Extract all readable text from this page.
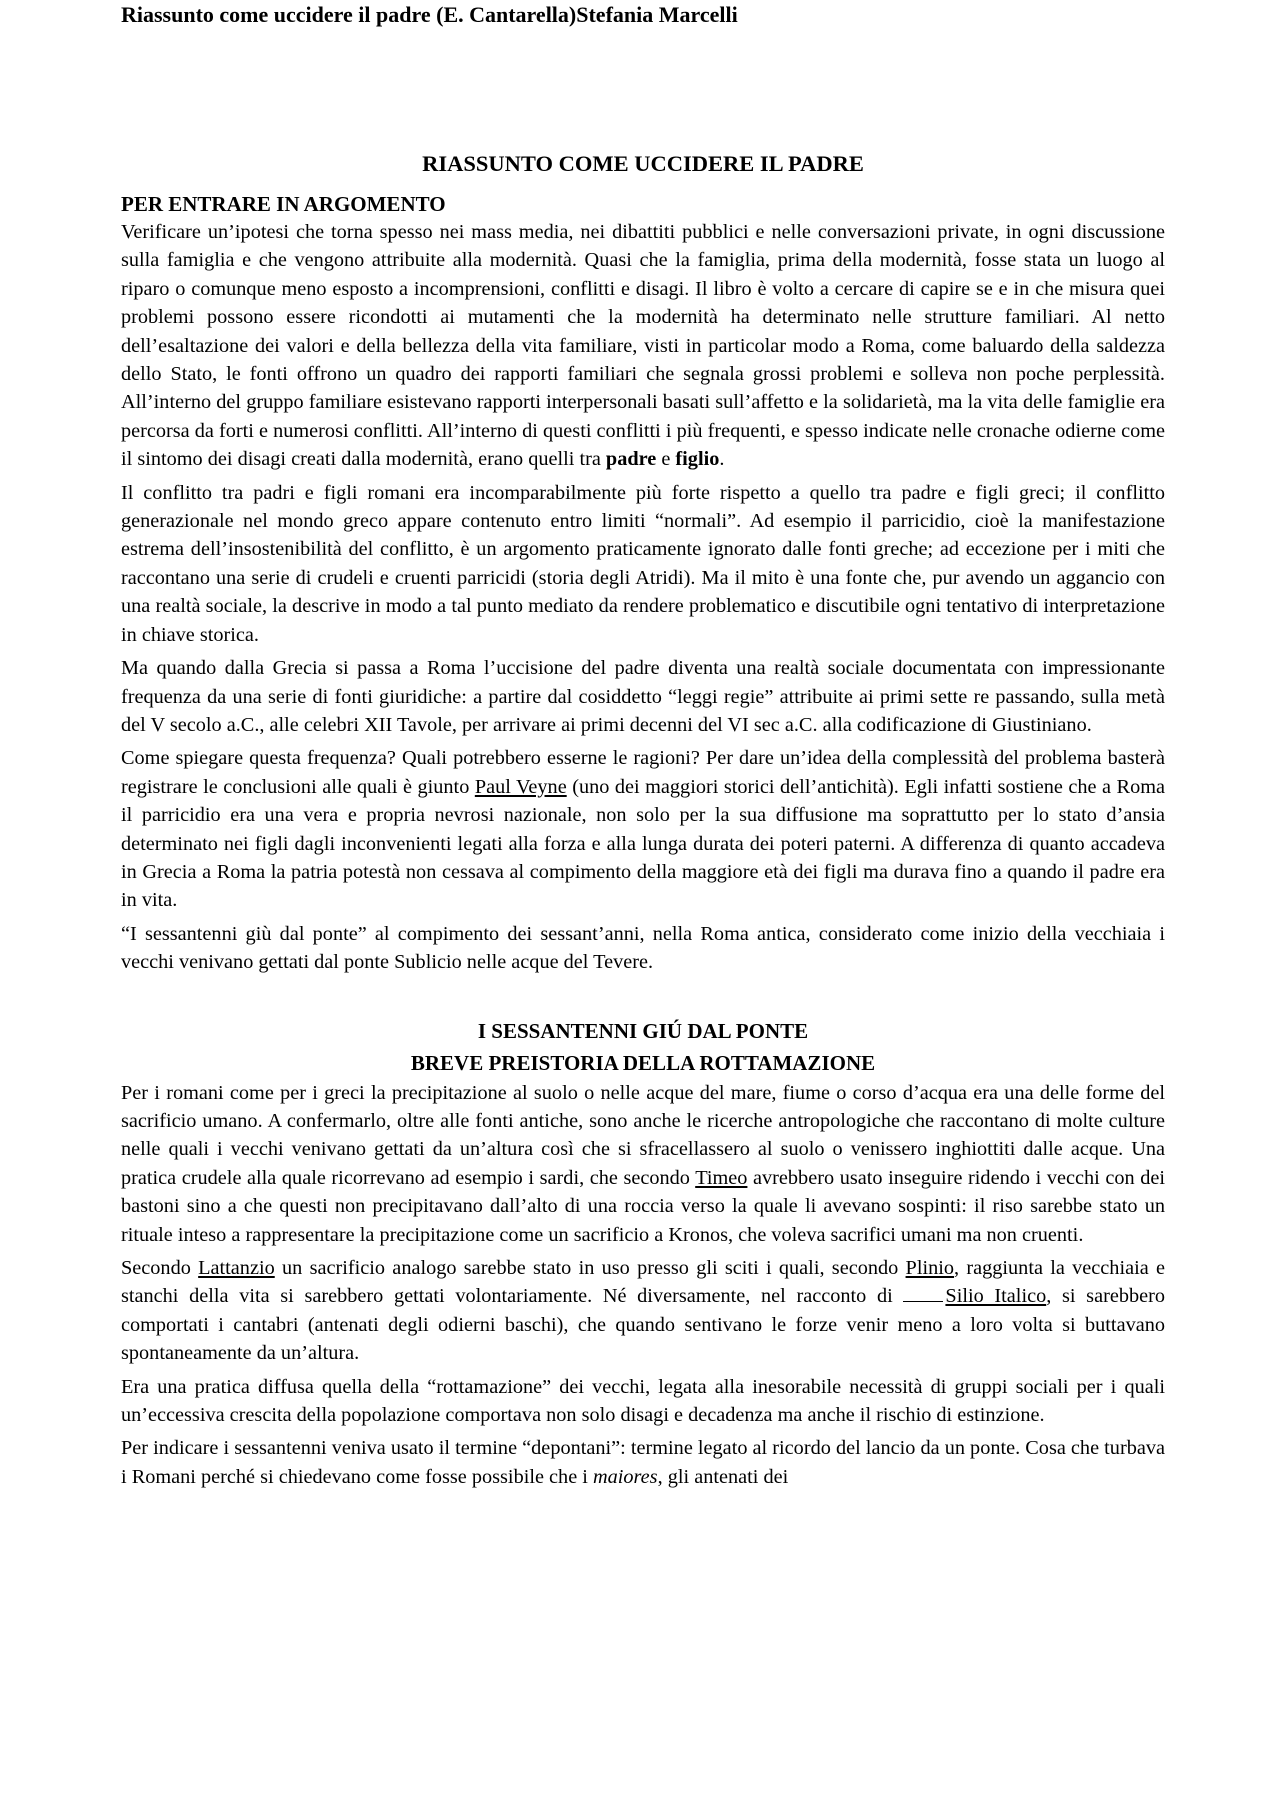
Riassunto come uccidere il padre (E. Cantarella)Stefania Marcelli
RIASSUNTO COME UCCIDERE IL PADRE
PER ENTRARE IN ARGOMENTO

Verificare un’ipotesi che torna spesso nei mass media, nei dibattiti pubblici e nelle conversazioni private, in ogni discussione sulla famiglia e che vengono attribuite alla modernità. Quasi che la famiglia, prima della modernità, fosse stata un luogo al riparo o comunque meno esposto a incomprensioni, conflitti e disagi. Il libro è volto a cercare di capire se e in che misura quei problemi possono essere ricondotti ai mutamenti che la modernità ha determinato nelle strutture familiari. Al netto dell’esaltazione dei valori e della bellezza della vita familiare, visti in particolar modo a Roma, come baluardo della saldezza dello Stato, le fonti offrono un quadro dei rapporti familiari che segnala grossi problemi e solleva non poche perplessità. All’interno del gruppo familiare esistevano rapporti interpersonali basati sull’affetto e la solidarietà, ma la vita delle famiglie era percorsa da forti e numerosi conflitti. All’interno di questi conflitti i più frequenti, e spesso indicate nelle cronache odierne come il sintomo dei disagi creati dalla modernità, erano quelli tra padre e figlio.

Il conflitto tra padri e figli romani era incomparabilmente più forte rispetto a quello tra padre e figli greci; il conflitto generazionale nel mondo greco appare contenuto entro limiti “normali”. Ad esempio il parricidio, cioè la manifestazione estrema dell’insostenibilità del conflitto, è un argomento praticamente ignorato dalle fonti greche; ad eccezione per i miti che raccontano una serie di crudeli e cruenti parricidi (storia degli Atridi). Ma il mito è una fonte che, pur avendo un aggancio con una realtà sociale, la descrive in modo a tal punto mediato da rendere problematico e discutibile ogni tentativo di interpretazione in chiave storica.

Ma quando dalla Grecia si passa a Roma l’uccisione del padre diventa una realtà sociale documentata con impressionante frequenza da una serie di fonti giuridiche: a partire dal cosiddetto “leggi regie” attribuite ai primi sette re passando, sulla metà del V secolo a.C., alle celebri XII Tavole, per arrivare ai primi decenni del VI sec a.C. alla codificazione di Giustiniano.

Come spiegare questa frequenza? Quali potrebbero esserne le ragioni? Per dare un’idea della complessità del problema basterà registrare le conclusioni alle quali è giunto Paul Veyne (uno dei maggiori storici dell’antichità). Egli infatti sostiene che a Roma il parricidio era una vera e propria nevrosi nazionale, non solo per la sua diffusione ma soprattutto per lo stato d’ansia determinato nei figli dagli inconvenienti legati alla forza e alla lunga durata dei poteri paterni. A differenza di quanto accadeva in Grecia a Roma la patria potestà non cessava al compimento della maggiore età dei figli ma durava fino a quando il padre era in vita.

“I sessantenni giù dal ponte” al compimento dei sessant’anni, nella Roma antica, considerato come inizio della vecchiaia i vecchi venivano gettati dal ponte Sublicio nelle acque del Tevere.

I SESSANTENNI GIÚ DAL PONTE
BREVE PREISTORIA DELLA ROTTAMAZIONE

Per i romani come per i greci la precipitazione al suolo o nelle acque del mare, fiume o corso d’acqua era una delle forme del sacrificio umano. A confermarlo, oltre alle fonti antiche, sono anche le ricerche antropologiche che raccontano di molte culture nelle quali i vecchi venivano gettati da un’altura così che si sfracellassero al suolo o venissero inghiottiti dalle acque. Una pratica crudele alla quale ricorrevano ad esempio i sardi, che secondo Timeo avrebbero usato inseguire ridendo i vecchi con dei bastoni sino a che questi non precipitavano dall’alto di una roccia verso la quale li avevano sospinti: il riso sarebbe stato un rituale inteso a rappresentare la precipitazione come un sacrificio a Kronos, che voleva sacrifici umani ma non cruenti.

Secondo Lattanzio un sacrificio analogo sarebbe stato in uso presso gli sciti i quali, secondo Plinio, raggiunta la vecchiaia e stanchi della vita si sarebbero gettati volontariamente. Né diversamente, nel racconto di Silio Italico, si sarebbero comportati i cantabri (antenati degli odierni baschi), che quando sentivano le forze venir meno a loro volta si buttavano spontaneamente da un’altura.

Era una pratica diffusa quella della “rottamazione” dei vecchi, legata alla inesorabile necessità di gruppi sociali per i quali un’eccessiva crescita della popolazione comportava non solo disagi e decadenza ma anche il rischio di estinzione.

Per indicare i sessantenni veniva usato il termine “depontani”: termine legato al ricordo del lancio da un ponte. Cosa che turbava i Romani perché si chiedevano come fosse possibile che i maiores, gli antenati dei
